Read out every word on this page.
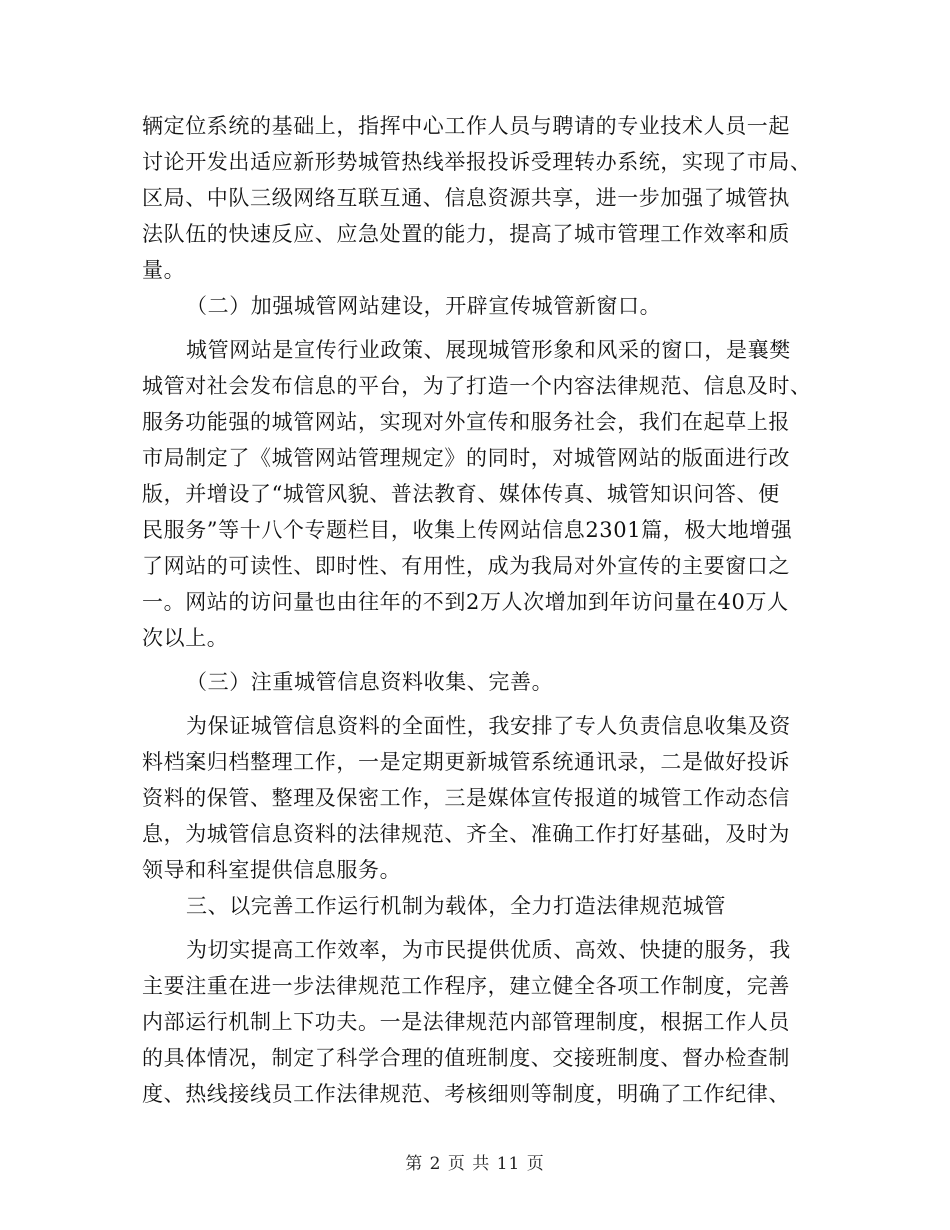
辆定位系统的基础上，指挥中心工作人员与聘请的专业技术人员一起
讨论开发出适应新形势城管热线举报投诉受理转办系统，实现了市局、
区局、中队三级网络互联互通、信息资源共享，进一步加强了城管执
法队伍的快速反应、应急处置的能力，提高了城市管理工作效率和质
量。
（二）加强城管网站建设，开辟宣传城管新窗口。
城管网站是宣传行业政策、展现城管形象和风采的窗口，是襄樊
城管对社会发布信息的平台，为了打造一个内容法律规范、信息及时、
服务功能强的城管网站，实现对外宣传和服务社会，我们在起草上报
市局制定了《城管网站管理规定》的同时，对城管网站的版面进行改
版，并增设了“城管风貌、普法教育、媒体传真、城管知识问答、便
民服务”等十八个专题栏目，收集上传网站信息2301篇，极大地增强
了网站的可读性、即时性、有用性，成为我局对外宣传的主要窗口之
一。网站的访问量也由往年的不到2万人次增加到年访问量在40万人
次以上。
（三）注重城管信息资料收集、完善。
为保证城管信息资料的全面性，我安排了专人负责信息收集及资
料档案归档整理工作，一是定期更新城管系统通讯录，二是做好投诉
资料的保管、整理及保密工作，三是媒体宣传报道的城管工作动态信
息，为城管信息资料的法律规范、齐全、准确工作打好基础，及时为
领导和科室提供信息服务。
三、以完善工作运行机制为载体，全力打造法律规范城管
为切实提高工作效率，为市民提供优质、高效、快捷的服务，我
主要注重在进一步法律规范工作程序，建立健全各项工作制度，完善
内部运行机制上下功夫。一是法律规范内部管理制度，根据工作人员
的具体情况，制定了科学合理的值班制度、交接班制度、督办检查制
度、热线接线员工作法律规范、考核细则等制度，明确了工作纪律、
第 2 页 共 11 页
